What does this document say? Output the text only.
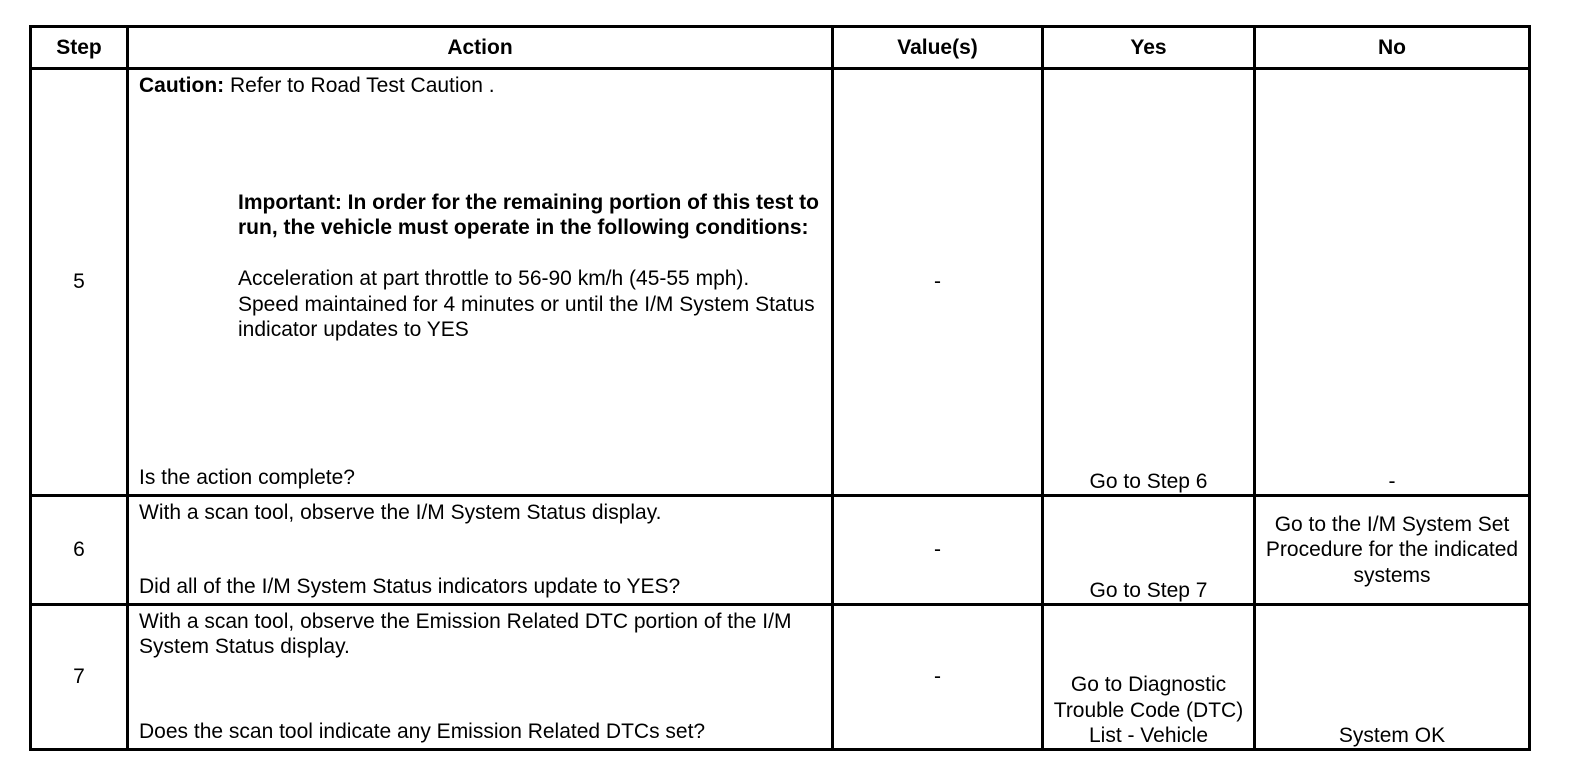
Step	Action	Value(s)	Yes	No
5	Caution: Refer to Road Test Caution .

Important: In order for the remaining portion of this test to run, the vehicle must operate in the following conditions:

Acceleration at part throttle to 56-90 km/h (45-55 mph).

Speed maintained for 4 minutes or until the I/M System Status indicator updates to YES

Is the action complete?	-	Go to Step 6	-
6	With a scan tool, observe the I/M System Status display.
Did all of the I/M System Status indicators update to YES?	-	Go to Step 7	Go to the I/M System Set Procedure for the indicated systems
7	With a scan tool, observe the Emission Related DTC portion of the I/M System Status display.
Does the scan tool indicate any Emission Related DTCs set?	-	Go to Diagnostic Trouble Code (DTC) List - Vehicle	System OK
